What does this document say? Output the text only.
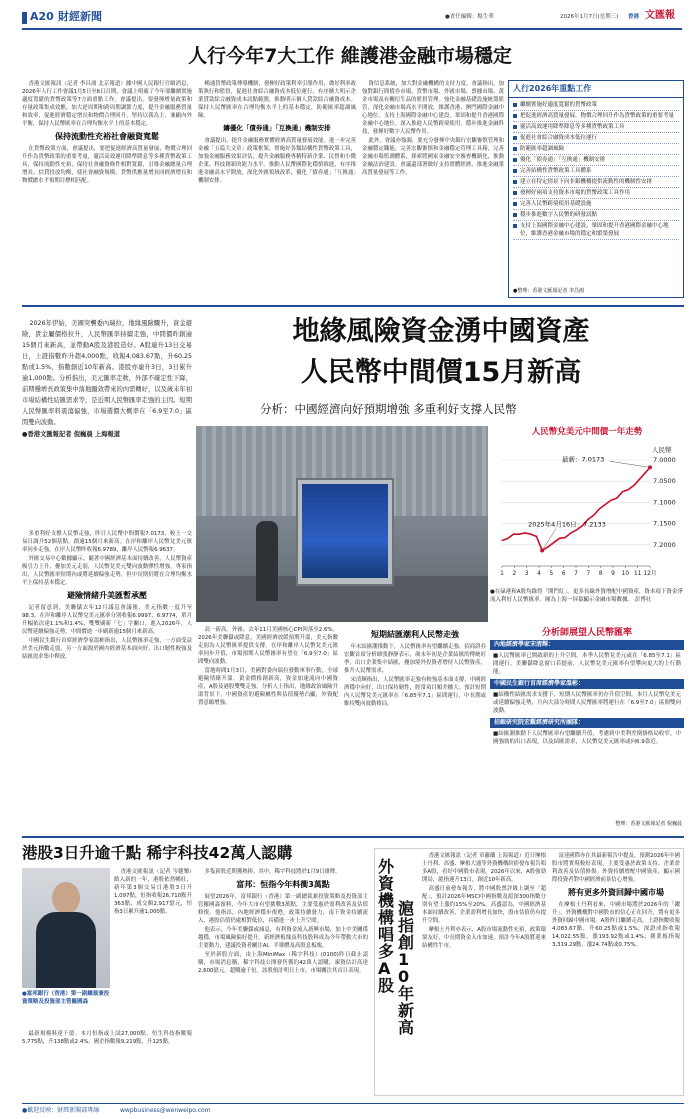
A20 財經新聞	●責任編輯：楊生華	2026年1月7日(星期三) 香港 文匯報
人行今年7大工作 維護港金融市場穩定

香港文匯報訊（記者 李昌鴻 北京報道）據中國人民銀行官網消息，2026年人行工作會議1月5日至6日召開，會議上明確了今年要繼續實施適度寬鬆的貨幣政策等7方面重點工作。會議提出，要發揮增量政策和存量政策集成效應，加大逆周期和跨周期調節力度，提升金融服務質量和效率，促進經濟穩定增長和物價合理回升，堅持以我為主、兼顧內外平衡，保持人民幣匯率在合理均衡水平上的基本穩定。

保持流動性充裕社會融資寬鬆

在貨幣政策方面，會議提出，要把促進經濟高質量發展、物價合理回升作為貨幣政策的重要考量，靈活高效運用降準降息等多種貨幣政策工具，保持流動性充裕，保持社會融資條件相對寬鬆，引導金融總量合理增長、信貸投放均衡，使社會融資規模、貨幣供應量增長同經濟增長和物價總水平預期目標相匹配。

暢通貨幣政策傳導機制，發揮好政策利率引導作用，做好利率政策執行和監督，促進社會綜合融資成本低位運行。有序擴大明示企業貸款綜合融資成本試點範圍，推動明示個人貸款綜合融資成本。保持人民幣匯率在合理均衡水平上的基本穩定，防範匯率超調風險。

鑄優化「債券通」「互換通」機制安排

會議提出，提升金融服務實體經濟高質量發展效能。進一步完善金融「五篇大文章」政策框架，實施好各類結構性貨幣政策工具，加強金融服務效果評估，提升金融服務專精特新企業、民營和小微企業、科技創新的能力水平。推動人民幣國際化穩慎推進，有序推進金融高水平開放，深化外匯領域改革，優化「債券通」「互換通」機制安排。

資信息系統，加大對金融機構的支持力度。會議指出，加強對銀行間債券市場、貨幣市場、外匯市場、票據市場、黃金市場及有關衍生品的監督管理。強化金融基礎設施統籌監管，深化金融市場高水平開放，維護香港、澳門國際金融中心地位，支持上海國際金融中心建設，鞏固和提升香港國際金融中心地位。深入推進人民幣跨境使用，穩步推進金融科技，發揮好數字人民幣作用。

此外，會議亦強調，要充分發揮中央銀行宏觀審慎管理和金融穩定職能，完善宏觀審慎和金融穩定管理工具箱，完善金融市場監測體系，探索將國家金融安全審查機制化，推動金融法治建設。會議還部署做好支持實體經濟、推進金融業高質量發展等工作。

人行2026年重點工作
繼續實施好適度寬鬆的貨幣政策
把促進經濟高質量發展、物價合理回升作為貨幣政策的重要考量
靈活高效運用降準降息等多種貨幣政策工具
促進社會綜合融資成本低位運行
防範匯率超調風險
優化「債券通」「互換通」機制安排
完善結構性貨幣政策工具體系
建立在特定情景下向非銀機構提供流動性的機制性安排
發揮好兩項支持資本市場的貨幣政策工具作用
完善人民幣跨境使用基礎設施
穩步推進數字人民幣的研發試點
支持上海國際金融中心建設，鞏固和提升香港國際金融中心地位，維護香港金融市場的穩定和繁榮發展
●整理：香港文匯報記者 李昌鴻

2026年伊始，美國突襲委內瑞拉，地緣風險驟升，資金避險，貴金屬價格拉升，人民幣匯率持續走強，中間價昨創逾15個月來新高，並帶動A股及港股造好。A股連升13日交易日，上證指數昨升超4,000點，收報4,083.67點，升60.25點或1.5%，指數創近10年新高。港股亦連升3日，3日累升逾1,000點。分析指出，美元匯率走軟，外部不確定性下降，前期穩增長政策集中落地顯效帶來的內需轉好，以及歲末年初市場結構性結匯需求等，是近期人民幣匯率走強的主因。短期人民幣匯率料震蕩偏強，市場選價大概率在「6.9至7.0」區間雙向波動。

●香港文匯報記者 倪巍晨 上海報道

地緣風險資金湧中國資產
人民幣中間價15月新高
分析：中國經濟向好預期增強 多重利好支撐人民幣
●在碌港和A股均錄得「開門紅」。更多長線外資增配中國資產，資本項下資金淨流入利好人民幣匯率。圖為上海一屏幕顯示金融市場數據。 彭博社
人民幣兌美元中間價一年走勢
7.0000
7.0500
7.1000
7.1500
7.2000
人民幣
1 2 3 4 5 6 7 7 8 9 10 11 12月
最新：7.0173
2025年4月16日：7.2133

多重利好支撐人民幣走強，昨日人民幣中間價報7.0173，較上一交易日調升52個基點，創逾15個月來新高。在岸和離岸人民幣兌美元匯率同步走強，在岸人民幣昨收報6.9789，離岸人民幣報6.9637。

外匯交易中心數據顯示，隨著中國經濟基本面持續改善，人民幣資產吸引力上升，疊加美元走弱，人民幣兌美元雙向波動彈性增強。專家指出，人民幣匯率短期內或將延續偏強走勢，但中長期仍將在合理均衡水平上保持基本穩定。

避險情緒升美匯暫承壓

記者留意到，美聯儲去年12月議息會議後，美元指數一度升至98.3，在岸和離岸人民幣兌美元匯率分別收報6.9997、6.9774，單月升幅依次達1.1%和1.4%，雙雙刷新「七」字關口。進入2026年，人民幣延續偏強走勢，中間價進一步刷新逾15個月來新高。

中國民生銀行首席經濟學家溫彬指出，人民幣匯率走強，一方面受益於美元指數走弱，另一方面源於國內經濟基本面向好、出口韌性較強及結匯需求集中釋放。

高一新高。外匯、去年11月美國核心CPI回落至2.6%。2026年美聯儲或降息，美國經濟放緩預期升溫，美元指數走弱為人民幣匯率提供支撐。在岸和離岸人民幣兌美元匯率同步升值，市場預期人民幣匯率有望在「6.9至7.0」區間雙向波動。

當地時間1月3日，美國對委內瑞拉發動軍事行動，全球避險情緒升溫，黃金價格創新高，資金加速流向中國資產，A股及港股雙雙走強。分析人士指出，地緣政治風險升溫背景下，中國資產的避險屬性與估值優勢凸顯，外資配置意願增強。

短期結匯潮利人民幣走強

年末結匯潮推動下，人民幣匯率有望繼續走強。招商證券宏觀首席分析師張靜靜表示，歲末年初是企業結匯的傳統旺季，出口企業集中結匯，疊加境外投資者增持人民幣資產，推升人民幣需求。

宋清輝指出，人民幣匯率走強有較強基本面支撐，中國經濟穩中向好，出口保持韌性，經常項目順差擴大。預計短期內人民幣兌美元匯率在「6.85至7.1」區間運行，中長期或維持雙向波動格局。

分析師展望人民幣匯率
內地經濟學家宋清輝：
■人民幣匯率已開啟新的上升空間。本季人民幣兌美元或在「6.85至7.1」區間運行，美聯儲降息窗口若提前，人民幣兌美元匯率有望攀向更大的上行動能。
中國民生銀行首席經濟學家溫彬：
■結構性結匯需求支撐下，短期人民幣匯率仍存升值空間。本月人民幣兌美元或延續偏強走勢，月內大部分時間人民幣匯率將運行在「6.9至7.0」區間雙向波動。
招銀研究院宏觀經濟研究所團隊：
■結匯潮推動下人民幣匯率有望繼續升值，考慮到中美利差倒掛格局收窄，中國強勁的出口表現，以及結匯需求，人民幣兌美元匯率或向6.9靠近。
整理：香港文匯報記者 倪巍晨
港股3日升逾千點 稀宇科技42萬人認購
●富邦銀行（香港）第一副總裁兼投資策略及投資部主管羅國森

香港文匯報訊（記者 岑健樂）踏入新的一年，港股依然暢旺，新年第3個交易日港股3日升1,097點，恒指收報26,710點升363點，成交額2,917億元，恒指3日累升逾1,000點。

最新規模料達千億。本月恒指或上試27,000點。恒生科技指數報5,775點，升138點或2.4%。國企指數報9,219點，升125點。

多隻新股近期獲熱捧。其中，稀宇科技將於1月9日掛牌。

富邦：恒指今年料衝3萬點

展望2026年，富邦銀行（香港）第一副總裁兼投資策略及投資部主管羅國森預料，今年大市有望挑戰3萬點，主要受惠於盈利改善及估值修復。他指出，內地經濟穩步復甦，政策持續發力，南下資金持續流入，港股估值仍處相對低位，具備進一步上升空間。

他表示，今年美聯儲或減息，有利資金流入新興市場，加上中美關係趨穩，市場風險偏好提升。新經濟板塊及科技股料成為今年帶動大市的主要動力，建議投資者關注AI、半導體及高股息板塊。

至於新股方面，由上海MiniMax（稀宇科技）(0100)昨日截止認購，市場消息稱，稀宇科技公開發售獲約42萬人認購，凍資估計高達2,600億元，超購逾千倍。該股預計明日上市，市場關注其首日表現。

外資機構唱多A股
滬指創10年新高

香港文匯報訊（記者 章蘿蘭 上海報道）近日摩根士丹利、高盛、摩根大通等外資機構紛紛發布報告唱多A股，看好中國股市表現。2026年以來，A股強勁開局，滬指連升13日，創近10年新高。

高盛日前發布報告，將中國股票評級上調至「超配」，預計2026年MSCI中國指數及滬深300指數分別有望上漲約15%至20%。高盛認為，中國經濟基本面持續改善，企業盈利增長加快，股市估值仍有提升空間。

摩根士丹利亦表示，A股市場流動性充裕，政策環境友好，中長期資金入市加速，預計今年A股將迎來結構性牛市。

富達國際亦在其最新報告中提及，預測2026年中國股市將實現較好表現，主要受惠於政策支持、企業盈利改善及估值修復。外資持續增配中國資產，顯示國際投資者對中國經濟前景信心增強。

將有更多外資回歸中國市場

在摩根士丹利看來，中國市場將於2026年的「躍升」，外資機構對中國股市的信心正在回升，將有更多外資回歸中國市場。A股昨日繼續走高，上證指數收報4,083.67點，升60.25點或1.5%；深證成指收報14,022.55點，漲193.92點或1.4%；創業板指報3,319.29點，漲24.74點或0.75%。

●歡迎反映：財經新聞部專線	wwpbusiness@wenweipo.com
